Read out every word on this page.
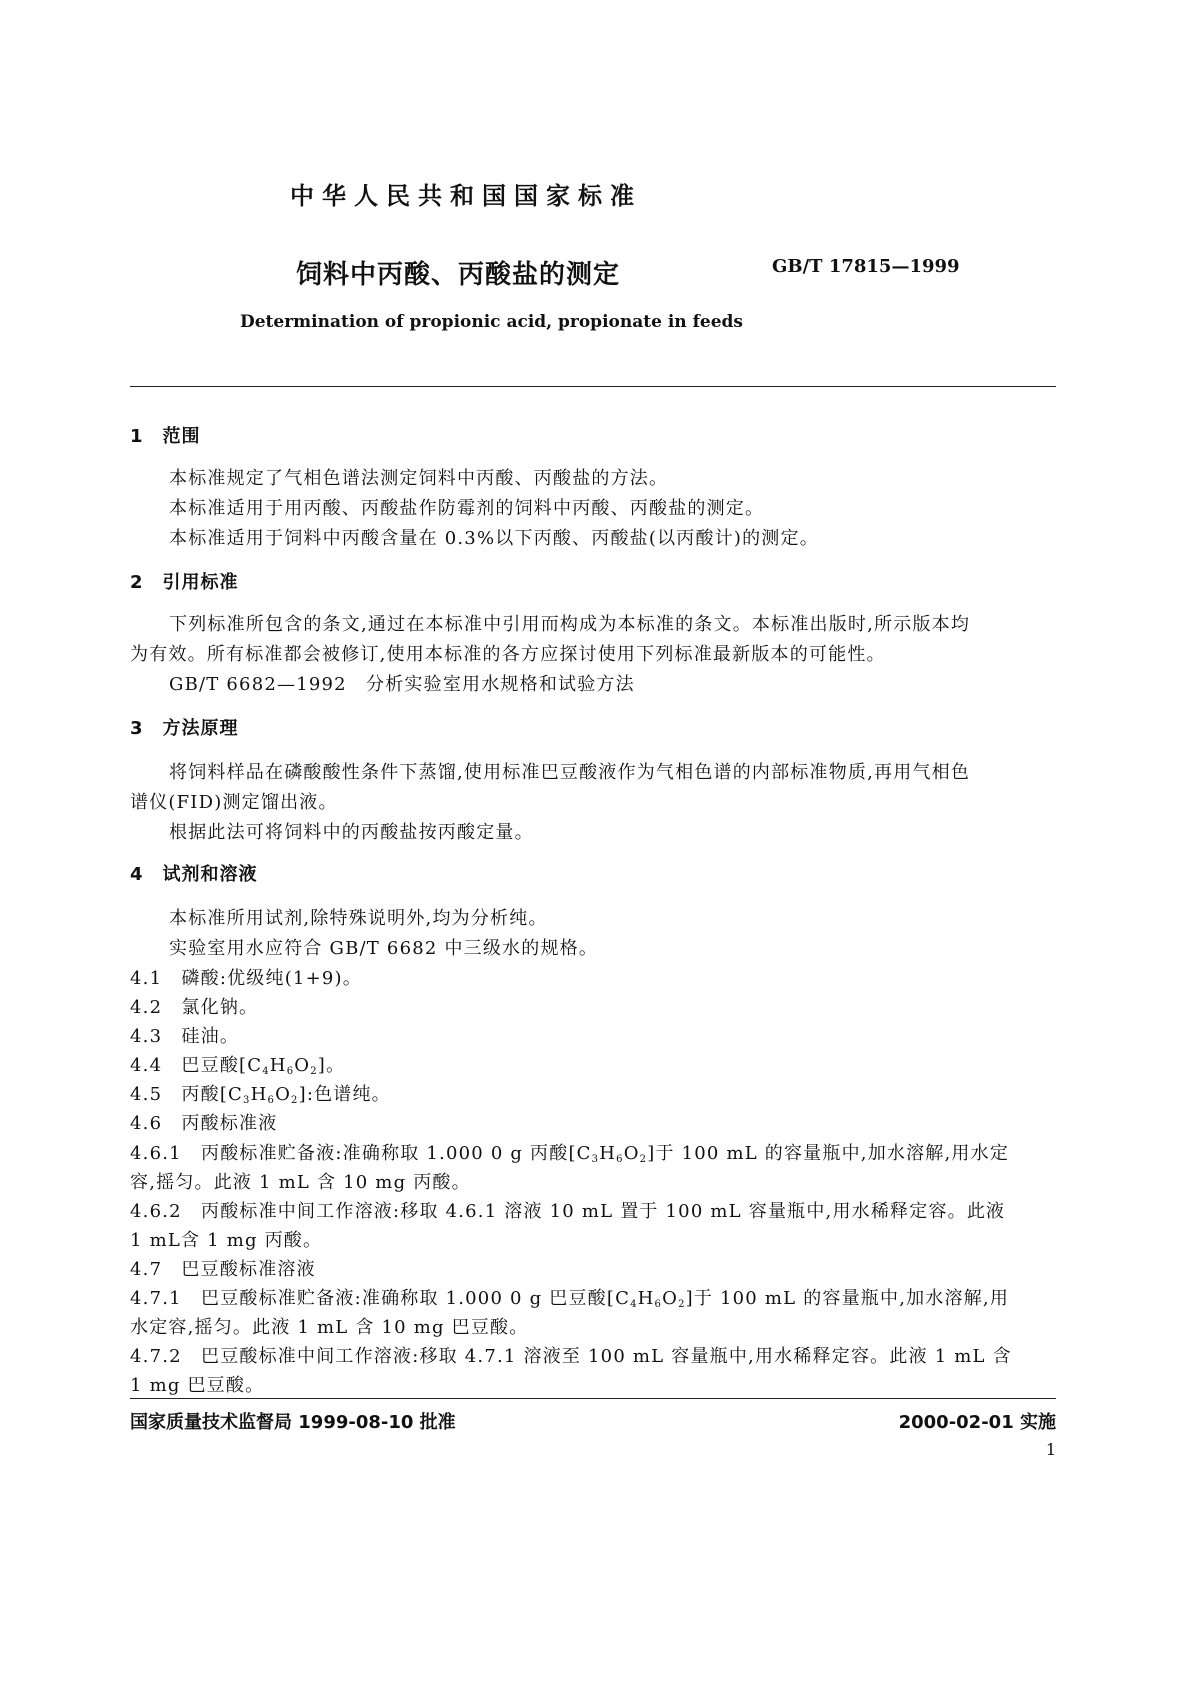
中华人民共和国国家标准
饲料中丙酸、丙酸盐的测定	GB/T 17815—1999
Determination of propionic acid, propionate in feeds
1　范围
本标准规定了气相色谱法测定饲料中丙酸、丙酸盐的方法。
本标准适用于用丙酸、丙酸盐作防霉剂的饲料中丙酸、丙酸盐的测定。
本标准适用于饲料中丙酸含量在 0.3%以下丙酸、丙酸盐(以丙酸计)的测定。
2　引用标准
下列标准所包含的条文,通过在本标准中引用而构成为本标准的条文。本标准出版时,所示版本均
为有效。所有标准都会被修订,使用本标准的各方应探讨使用下列标准最新版本的可能性。
GB/T 6682—1992　分析实验室用水规格和试验方法
3　方法原理
将饲料样品在磷酸酸性条件下蒸馏,使用标准巴豆酸液作为气相色谱的内部标准物质,再用气相色
谱仪(FID)测定馏出液。
根据此法可将饲料中的丙酸盐按丙酸定量。
4　试剂和溶液
本标准所用试剂,除特殊说明外,均为分析纯。
实验室用水应符合 GB/T 6682 中三级水的规格。
4.1　磷酸:优级纯(1+9)。
4.2　氯化钠。
4.3　硅油。
4.4　巴豆酸$[C_4H_6O_2]$。
4.5　丙酸$[C_3H_6O_2]$:色谱纯。
4.6　丙酸标准液
4.6.1　丙酸标准贮备液:准确称取 1.000 0 g 丙酸$[C_3H_6O_2]$于 100 mL 的容量瓶中,加水溶解,用水定
容,摇匀。此液 1 mL 含 10 mg 丙酸。
4.6.2　丙酸标准中间工作溶液:移取 4.6.1 溶液 10 mL 置于 100 mL 容量瓶中,用水稀释定容。此液
1 mL含 1 mg 丙酸。
4.7　巴豆酸标准溶液
4.7.1　巴豆酸标准贮备液:准确称取 1.000 0 g 巴豆酸$[C_4H_6O_2]$于 100 mL 的容量瓶中,加水溶解,用
水定容,摇匀。此液 1 mL 含 10 mg 巴豆酸。
4.7.2　巴豆酸标准中间工作溶液:移取 4.7.1 溶液至 100 mL 容量瓶中,用水稀释定容。此液 1 mL 含
1 mg 巴豆酸。
国家质量技术监督局 1999-08-10 批准	2000-02-01 实施
1
